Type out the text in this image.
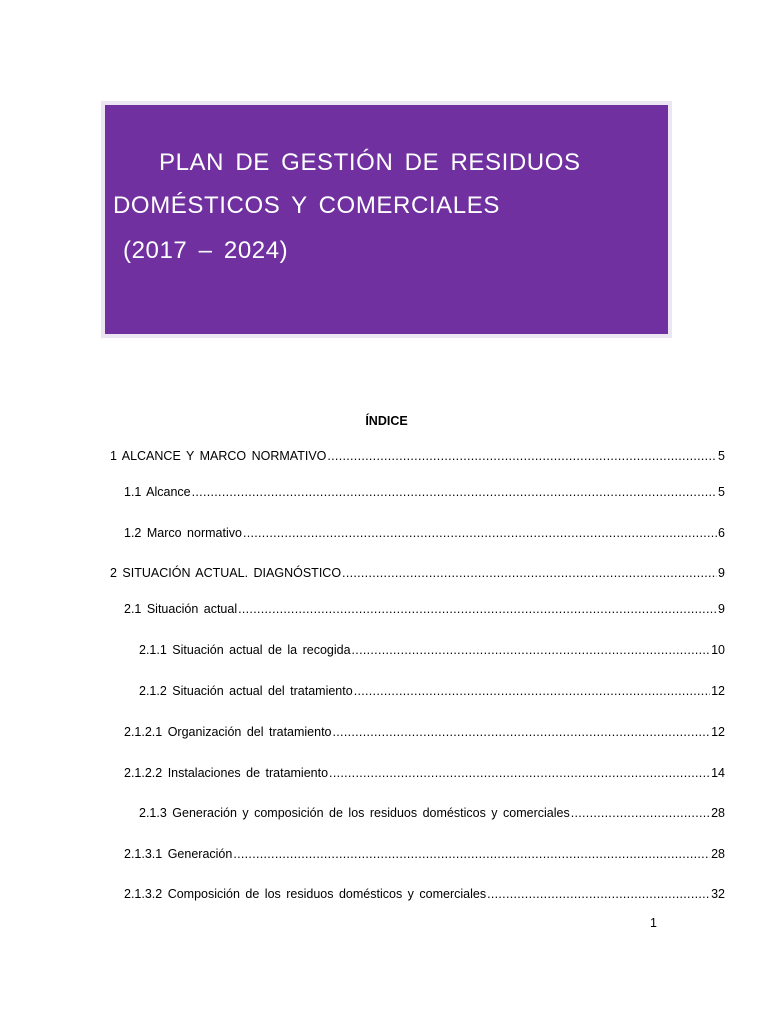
PLAN DE GESTIÓN DE RESIDUOS
DOMÉSTICOS Y COMERCIALES
(2017 – 2024)
ÍNDICE
1 ALCANCE Y MARCO NORMATIVO .....	5
1.1 Alcance .....	5
1.2 Marco normativo .....	6
2 SITUACIÓN ACTUAL. DIAGNÓSTICO .....	9
2.1 Situación actual .....	9
2.1.1 Situación actual de la recogida .....	10
2.1.2 Situación actual del tratamiento .....	12
2.1.2.1 Organización del tratamiento .....	12
2.1.2.2 Instalaciones de tratamiento .....	14
2.1.3 Generación y composición de los residuos domésticos y comerciales .....	28
2.1.3.1 Generación .....	28
2.1.3.2 Composición de los residuos domésticos y comerciales .....	32
1
